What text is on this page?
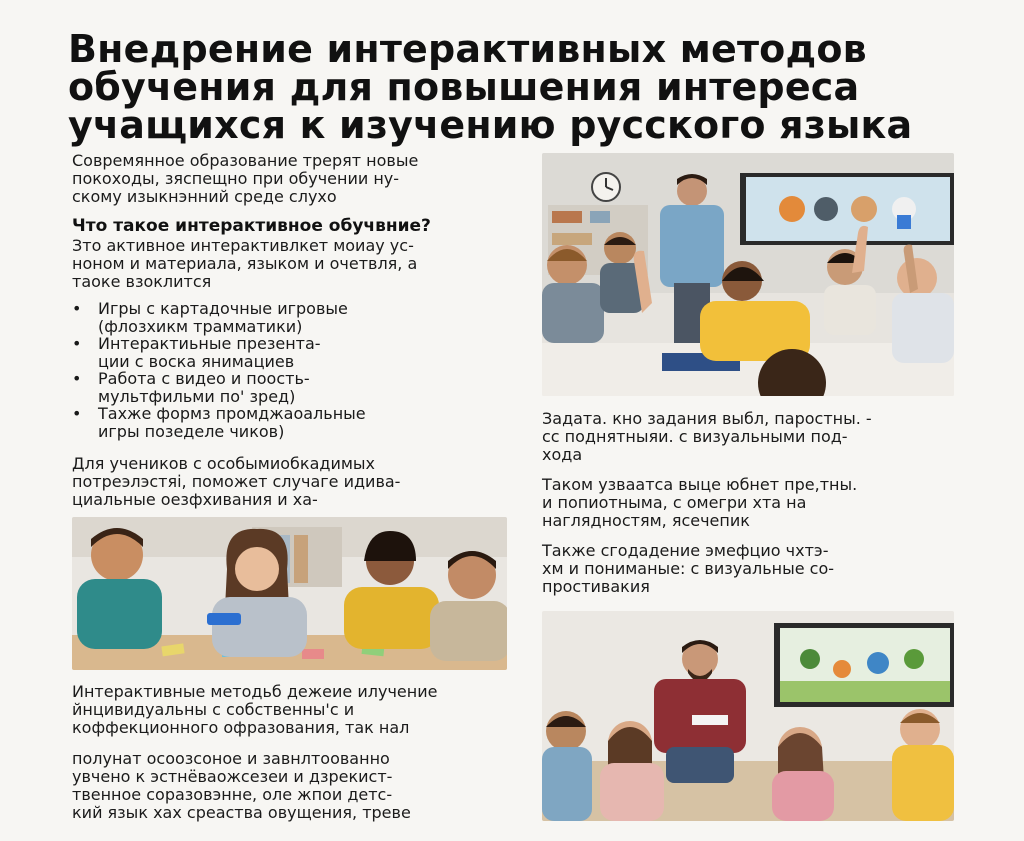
Внедрение интерактивных методов
обучения для повышения интереса
учащихся к изучению русского языка

Совремянное образование трерят новые
покоходы, зяспещно при обучении ну-
скому изыкнэнний среде слухо

Что такое интерактивное обучвние?

Зто активное интерактивлкет моиау ус-
ноном и материала, языком и очетвля, а
таоке взоклится

• Игры с картадочные игровые
(флозхикм трамматики)
• Интерактиьные презента-
ции с воска янимациев
• Работа с видео и поость-
мультфильми по' зред)
• Тахже формз промджаоальные
игры позеделе чиков)

Для учеников с особымиобкадимых
потреэлэстяі, поможет случаге идива-
циальные оезфхивания и ха-

Интерактивные методьб дежеие илучение
йнцивидуальны с собственны'с и
коффекционного офразования, так нал

полунат осоозсоное и завнлтоованно
увчено к эстнёваожсезеи и дзрекист-
твенное соразовэнне, оле жпои детс-
кий язык хах среаства овущения, треве

Задата. кно задания выбл, паростны. -
сс поднятныяи. с визуальными под-
хода

Таком узваатса выце юбнет пре,тны.
и попиотныма, с омегри хта на
наглядностям, ясечепик

Также сгодадение эмефцио чхтэ-
хм и пониманые: с визуальные со-
простивакия
